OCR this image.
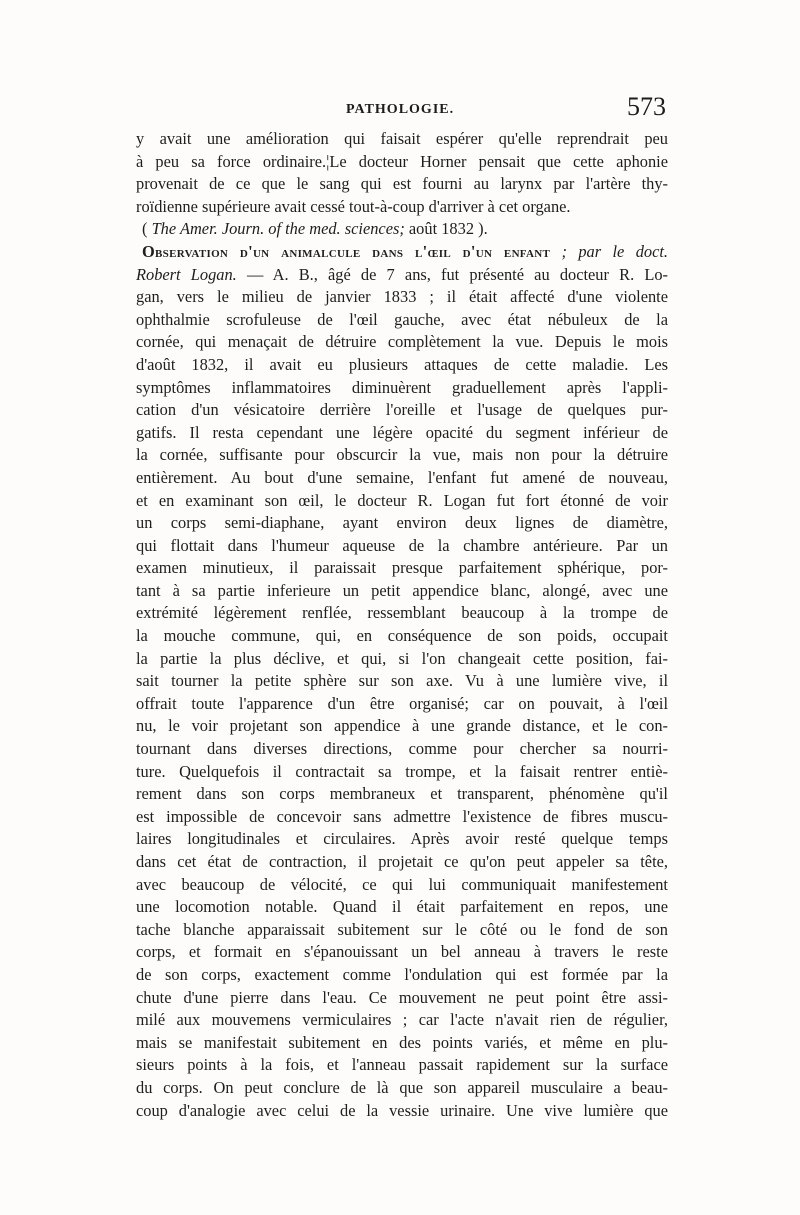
PATHOLOGIE.	573
y avait une amélioration qui faisait espérer qu'elle reprendrait peu
à peu sa force ordinaire.¦Le docteur Horner pensait que cette aphonie
provenait de ce que le sang qui est fourni au larynx par l'artère thy-
roïdienne supérieure avait cessé tout-à-coup d'arriver à cet organe.
( The Amer. Journ. of the med. sciences; août 1832 ).
Observation d'un animalcule dans l'œil d'un enfant ; par le doct.
Robert Logan. — A. B., âgé de 7 ans, fut présenté au docteur R. Lo-
gan, vers le milieu de janvier 1833 ; il était affecté d'une violente
ophthalmie scrofuleuse de l'œil gauche, avec état nébuleux de la
cornée, qui menaçait de détruire complètement la vue. Depuis le mois
d'août 1832, il avait eu plusieurs attaques de cette maladie. Les
symptômes inflammatoires diminuèrent graduellement après l'appli-
cation d'un vésicatoire derrière l'oreille et l'usage de quelques pur-
gatifs. Il resta cependant une légère opacité du segment inférieur de
la cornée, suffisante pour obscurcir la vue, mais non pour la détruire
entièrement. Au bout d'une semaine, l'enfant fut amené de nouveau,
et en examinant son œil, le docteur R. Logan fut fort étonné de voir
un corps semi-diaphane, ayant environ deux lignes de diamètre,
qui flottait dans l'humeur aqueuse de la chambre antérieure. Par un
examen minutieux, il paraissait presque parfaitement sphérique, por-
tant à sa partie inferieure un petit appendice blanc, alongé, avec une
extrémité légèrement renflée, ressemblant beaucoup à la trompe de
la mouche commune, qui, en conséquence de son poids, occupait
la partie la plus déclive, et qui, si l'on changeait cette position, fai-
sait tourner la petite sphère sur son axe. Vu à une lumière vive, il
offrait toute l'apparence d'un être organisé; car on pouvait, à l'œil
nu, le voir projetant son appendice à une grande distance, et le con-
tournant dans diverses directions, comme pour chercher sa nourri-
ture. Quelquefois il contractait sa trompe, et la faisait rentrer entiè-
rement dans son corps membraneux et transparent, phénomène qu'il
est impossible de concevoir sans admettre l'existence de fibres muscu-
laires longitudinales et circulaires. Après avoir resté quelque temps
dans cet état de contraction, il projetait ce qu'on peut appeler sa tête,
avec beaucoup de vélocité, ce qui lui communiquait manifestement
une locomotion notable. Quand il était parfaitement en repos, une
tache blanche apparaissait subitement sur le côté ou le fond de son
corps, et formait en s'épanouissant un bel anneau à travers le reste
de son corps, exactement comme l'ondulation qui est formée par la
chute d'une pierre dans l'eau. Ce mouvement ne peut point être assi-
milé aux mouvemens vermiculaires ; car l'acte n'avait rien de régulier,
mais se manifestait subitement en des points variés, et même en plu-
sieurs points à la fois, et l'anneau passait rapidement sur la surface
du corps. On peut conclure de là que son appareil musculaire a beau-
coup d'analogie avec celui de la vessie urinaire. Une vive lumière que
